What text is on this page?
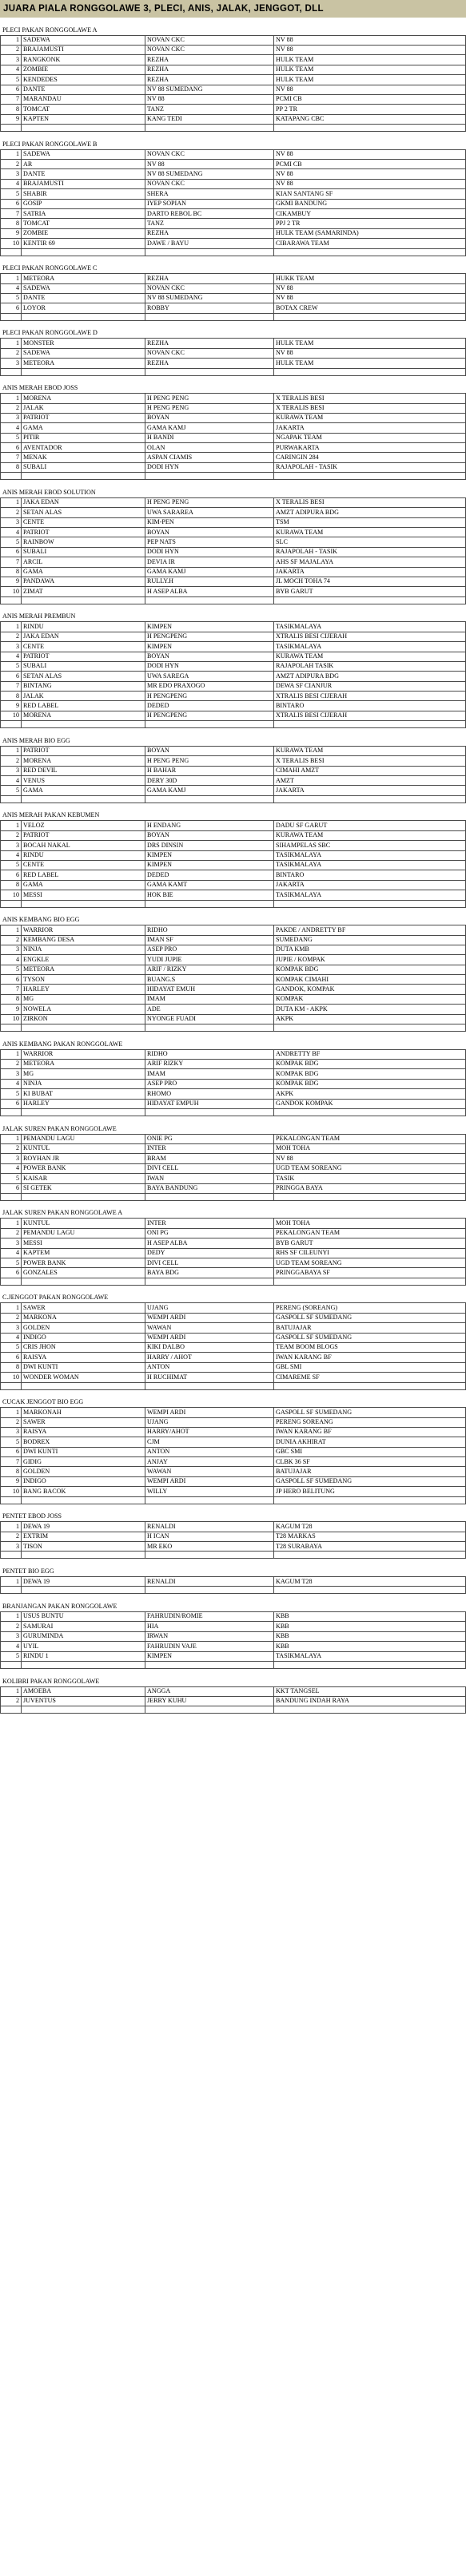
JUARA PIALA RONGGOLAWE 3, PLECI, ANIS, JALAK, JENGGOT, DLL
PLECI PAKAN RONGGOLAWE A
1	SADEWA	NOVAN CKC	NV 88
2	BRAJAMUSTI	NOVAN CKC	NV 88
3	RANGKONK	REZHA	HULK TEAM
4	ZOMBIE	REZHA	HULK TEAM
5	KENDEDES	REZHA	HULK TEAM
6	DANTE	NV 88 SUMEDANG	NV 88
7	MARANDAU	NV 88	PCMI CB
8	TOMCAT	TANZ	PP 2 TR
9	KAPTEN	KANG TEDI	KATAPANG CBC

PLECI PAKAN RONGGOLAWE B
1	SADEWA	NOVAN CKC	NV 88
2	AR	NV 88	PCMI CB
3	DANTE	NV 88 SUMEDANG	NV 88
4	BRAJAMUSTI	NOVAN CKC	NV 88
5	SHABIR	SHERA	KIAN SANTANG SF
6	GOSIP	IYEP SOPIAN	GKMI BANDUNG
7	SATRIA	DARTO REBOL BC	CIKAMBUY
8	TOMCAT	TANZ	PPJ 2 TR
9	ZOMBIE	REZHA	HULK TEAM (SAMARINDA)
10	KENTIR 69	DAWE / BAYU	CIBARAWA TEAM

PLECI PAKAN RONGGOLAWE C
1	METEORA	REZHA	HUKK TEAM
4	SADEWA	NOVAN CKC	NV 88
5	DANTE	NV 88 SUMEDANG	NV 88
6	LOYOR	ROBBY	BOTAX CREW

PLECI PAKAN RONGGOLAWE D
1	MONSTER	REZHA	HULK TEAM
2	SADEWA	NOVAN CKC	NV 88
3	METEORA	REZHA	HULK TEAM

ANIS MERAH EBOD JOSS
1	MORENA	H PENG PENG	X TERALIS BESI
2	JALAK	H PENG PENG	X TERALIS BESI
3	PATRIOT	BOYAN	KURAWA TEAM
4	GAMA	GAMA KAMJ	JAKARTA
5	PITIR	H BANDI	NGAPAK TEAM
6	AVENTADOR	OLAN	PURWAKARTA
7	MENAK	ASPAN CIAMIS	CARINGIN 284
8	SUBALI	DODI HYN	RAJAPOLAH - TASIK

ANIS MERAH EBOD SOLUTION
1	JAKA EDAN	H PENG PENG	X TERALIS BESI
2	SETAN ALAS	UWA SARAREA	AMZT ADIPURA BDG
3	CENTE	KIM-PEN	TSM
4	PATRIOT	BOYAN	KURAWA TEAM
5	RAINBOW	PEP NATS	SLC
6	SUBALI	DODI HYN	RAJAPOLAH - TASIK
7	ARCIL	DEVIA IR	AHS SF MAJALAYA
8	GAMA	GAMA KAMJ	JAKARTA
9	PANDAWA	RULLY.H	JL MOCH TOHA 74
10	ZIMAT	H ASEP ALBA	BYB GARUT

ANIS MERAH PREMBUN
1	RINDU	KIMPEN	TASIKMALAYA
2	JAKA EDAN	H PENGPENG	XTRALIS BESI CIJERAH
3	CENTE	KIMPEN	TASIKMALAYA
4	PATRIOT	BOYAN	KURAWA TEAM
5	SUBALI	DODI HYN	RAJAPOLAH TASIK
6	SETAN ALAS	UWA SAREGA	AMZT ADIPURA BDG
7	BINTANG	MR EDO PRAXOGO	DEWA SF CIANJUR
8	JALAK	H PENGPENG	XTRALIS BESI CIJERAH
9	RED LABEL	DEDED	BINTARO
10	MORENA	H PENGPENG	XTRALIS BESI CIJERAH

ANIS MERAH BIO EGG
1	PATRIOT	BOYAN	KURAWA TEAM
2	MORENA	H PENG PENG	X TERALIS BESI
3	RED DEVIL	H BAHAR	CIMAHI AMZT
4	VENUS	DERY 30D	AMZT
5	GAMA	GAMA KAMJ	JAKARTA

ANIS MERAH PAKAN KEBUMEN
1	VELOZ	H ENDANG	DADU SF GARUT
2	PATRIOT	BOYAN	KURAWA TEAM
3	BOCAH NAKAL	DRS DINSIN	SIHAMPELAS SBC
4	RINDU	KIMPEN	TASIKMALAYA
5	CENTE	KIMPEN	TASIKMALAYA
6	RED LABEL	DEDED	BINTARO
8	GAMA	GAMA KAMT	JAKARTA
10	MESSI	HOK BIE	TASIKMALAYA

ANIS KEMBANG BIO EGG
1	WARRIOR	RIDHO	PAKDE / ANDRETTY BF
2	KEMBANG DESA	IMAN SF	SUMEDANG
3	NINJA	ASEP PRO	DUTA KMB
4	ENGKLE	YUDI JUPIE	JUPIE / KOMPAK
5	METEORA	ARIF / RIZKY	KOMPAK BDG
6	TYSON	BUANG.S	KOMPAK CIMAHI
7	HARLEY	HIDAYAT EMUH	GANDOK, KOMPAK
8	MG	IMAM	KOMPAK
9	NOWELA	ADE	DUTA KM - AKPK
10	ZIRKON	NYONGE FUADI	AKPK

ANIS KEMBANG PAKAN RONGGOLAWE
1	WARRIOR	RIDHO	ANDRETTY BF
2	METEORA	ARIF RIZKY	KOMPAK BDG
3	MG	IMAM	KOMPAK BDG
4	NINJA	ASEP PRO	KOMPAK BDG
5	KI BUBAT	RHOMO	AKPK
6	HARLEY	HIDAYAT EMPUH	GANDOK KOMPAK

JALAK SUREN PAKAN RONGGOLAWE
1	PEMANDU LAGU	ONIE PG	PEKALONGAN TEAM
2	KUNTUL	INTER	MOH TOHA
3	ROYHAN JR	BRAM	NV 88
4	POWER BANK	DIVI CELL	UGD TEAM SOREANG
5	KAISAR	IWAN	TASIK
6	SI GETEK	BAYA BANDUNG	PRINGGA BAYA

JALAK SUREN PAKAN RONGGOLAWE A
1	KUNTUL	INTER	MOH TOHA
2	PEMANDU LAGU	ONI PG	PEKALONGAN TEAM
3	MESSI	H ASEP ALBA	BYB GARUT
4	KAPTEM	DEDY	RHS SF CILEUNYI
5	POWER BANK	DIVI CELL	UGD TEAM SOREANG
6	GONZALES	BAYA BDG	PRINGGABAYA SF

C.JENGGOT PAKAN RONGGOLAWE
1	SAWER	UJANG	PERENG (SOREANG)
2	MARKONA	WEMPI ARDI	GASPOLL SF SUMEDANG
3	GOLDEN	WAWAN	BATUJAJAR
4	INDIGO	WEMPI ARDI	GASPOLL SF SUMEDANG
5	CRIS JHON	KIKI DALBO	TEAM BOOM BLOGS
6	RAISYA	HARRY / AHOT	IWAN KARANG BF
8	DWI KUNTI	ANTON	GBL SMI
10	WONDER WOMAN	H RUCHIMAT	CIMAREME SF

CUCAK JENGGOT BIO EGG
1	MARKONAH	WEMPI ARDI	GASPOLL SF SUMEDANG
2	SAWER	UJANG	PERENG SOREANG
3	RAISYA	HARRY/AHOT	IWAN KARANG BF
5	BODREX	CJM	DUNIA AKHIRAT
6	DWI KUNTI	ANTON	GBC SMI
7	GIDIG	ANJAY	CLBK 36 SF
8	GOLDEN	WAWAN	BATUJAJAR
9	INDIGO	WEMPI ARDI	GASPOLL SF SUMEDANG
10	BANG BACOK	WILLY	JP HERO BELITUNG

PENTET EBOD JOSS
1	DEWA 19	RENALDI	KAGUM T28
2	EXTRIM	H ICAN	T28 MARKAS
3	TISON	MR EKO	T28 SURABAYA

PENTET BIO EGG
1	DEWA 19	RENALDI	KAGUM T28

BRANJANGAN PAKAN RONGGOLAWE
1	USUS BUNTU	FAHRUDIN/ROMIE	KBB
2	SAMURAI	HIA	KBB
3	GURUMINDA	IRWAN	KBB
4	UYIL	FAHRUDIN VAJE	KBB
5	RINDU 1	KIMPEN	TASIKMALAYA

KOLIBRI PAKAN RONGGOLAWE
1	AMOEBA	ANGGA	KKT TANGSEL
2	JUVENTUS	JERRY KUHU	BANDUNG INDAH RAYA
